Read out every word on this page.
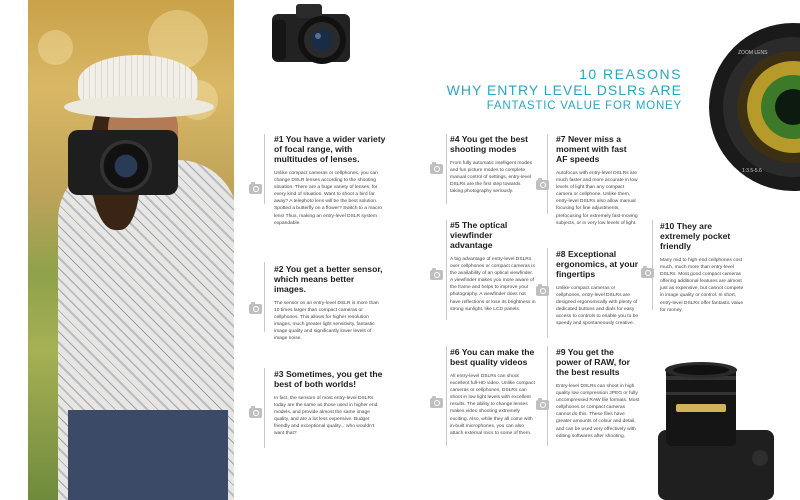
ZOOM LENS
1:3.5-5.6
10 REASONS
WHY ENTRY LEVEL DSLRs ARE
FANTASTIC VALUE FOR MONEY
#1 You have a wider variety of focal range, with multitudes of lenses.

Unlike compact cameras or cellphones, you can change DSLR lenses according to the shooting situation. There are a huge variety of lenses, for every kind of situation. Want to shoot a bird far away? A telephoto lens will be the best solution. Spotted a butterfly on a flower? Switch to a macro lens! Thus, making an entry-level DSLR system expandable.

#2 You get a better sensor, which means better images.

The sensor on an entry-level DSLR is more than 10 times larger than compact cameras or cellphones. This allows for higher resolution images, much greater light sensitivity, fantastic image quality and significantly lower levels of image noise.

#3 Sometimes, you get the best of both worlds!

In fact, the sensors of most entry-level DSLRs today are the same as those used in higher end models, and provide almost the same image quality, and are a lot less expensive. Budget friendly and exceptional quality... who wouldn't want that?

#4 You get the best shooting modes

From fully automatic intelligent modes and fun picture modes to complete manual control of settings, entry-level DSLRs are the first step towards taking photography seriously.

#5 The optical viewfinder advantage

A big advantage of entry-level DSLRs over cellphones or compact cameras is the availability of an optical viewfinder. A viewfinder makes you more aware of the frame and helps to improve your photography. A viewfinder does not have reflections or lose its brightness in strong sunlight, like LCD panels.

#6 You can make the best quality videos

All entry-level DSLRs can shoot excellent full-HD video. Unlike compact cameras or cellphones, DSLRs can shoot in low light levels with excellent results. The ability to change lenses makes video shooting extremely exciting. Also, while they all come with in-built microphones, you can also attach external mics to some of them.

#7 Never miss a moment with fast AF speeds

Autofocus with entry-level DSLRs are much faster and more accurate in low levels of light than any compact camera or cellphone. Unlike them, entry-level DSLRs also allow manual focusing for fine adjustments, prefocusing for extremely fast-moving subjects, or in very low levels of light.

#8 Exceptional ergonomics, at your fingertips

Unlike compact cameras or cellphones, entry-level DSLRs are designed ergonomically with plenty of dedicated buttons and dials for easy access to controls to enable you to be speedy and spontaneously creative.

#9 You get the power of RAW, for the best results

Entry-level DSLRs can shoot in high quality low compression JPEG or fully uncompressed RAW file formats. Most cellphones or compact cameras cannot do this. These files have greater amounts of colour and detail, and can be used very effectively with editing softwares after shooting.

#10 They are extremely pocket friendly

Many mid to high-end cellphones cost much, much more than entry-level DSLRs. Most good compact cameras offering additional features are almost just as expensive, but cannot compete in image quality or control. In short, entry-level DSLRs offer fantastic value for money.
